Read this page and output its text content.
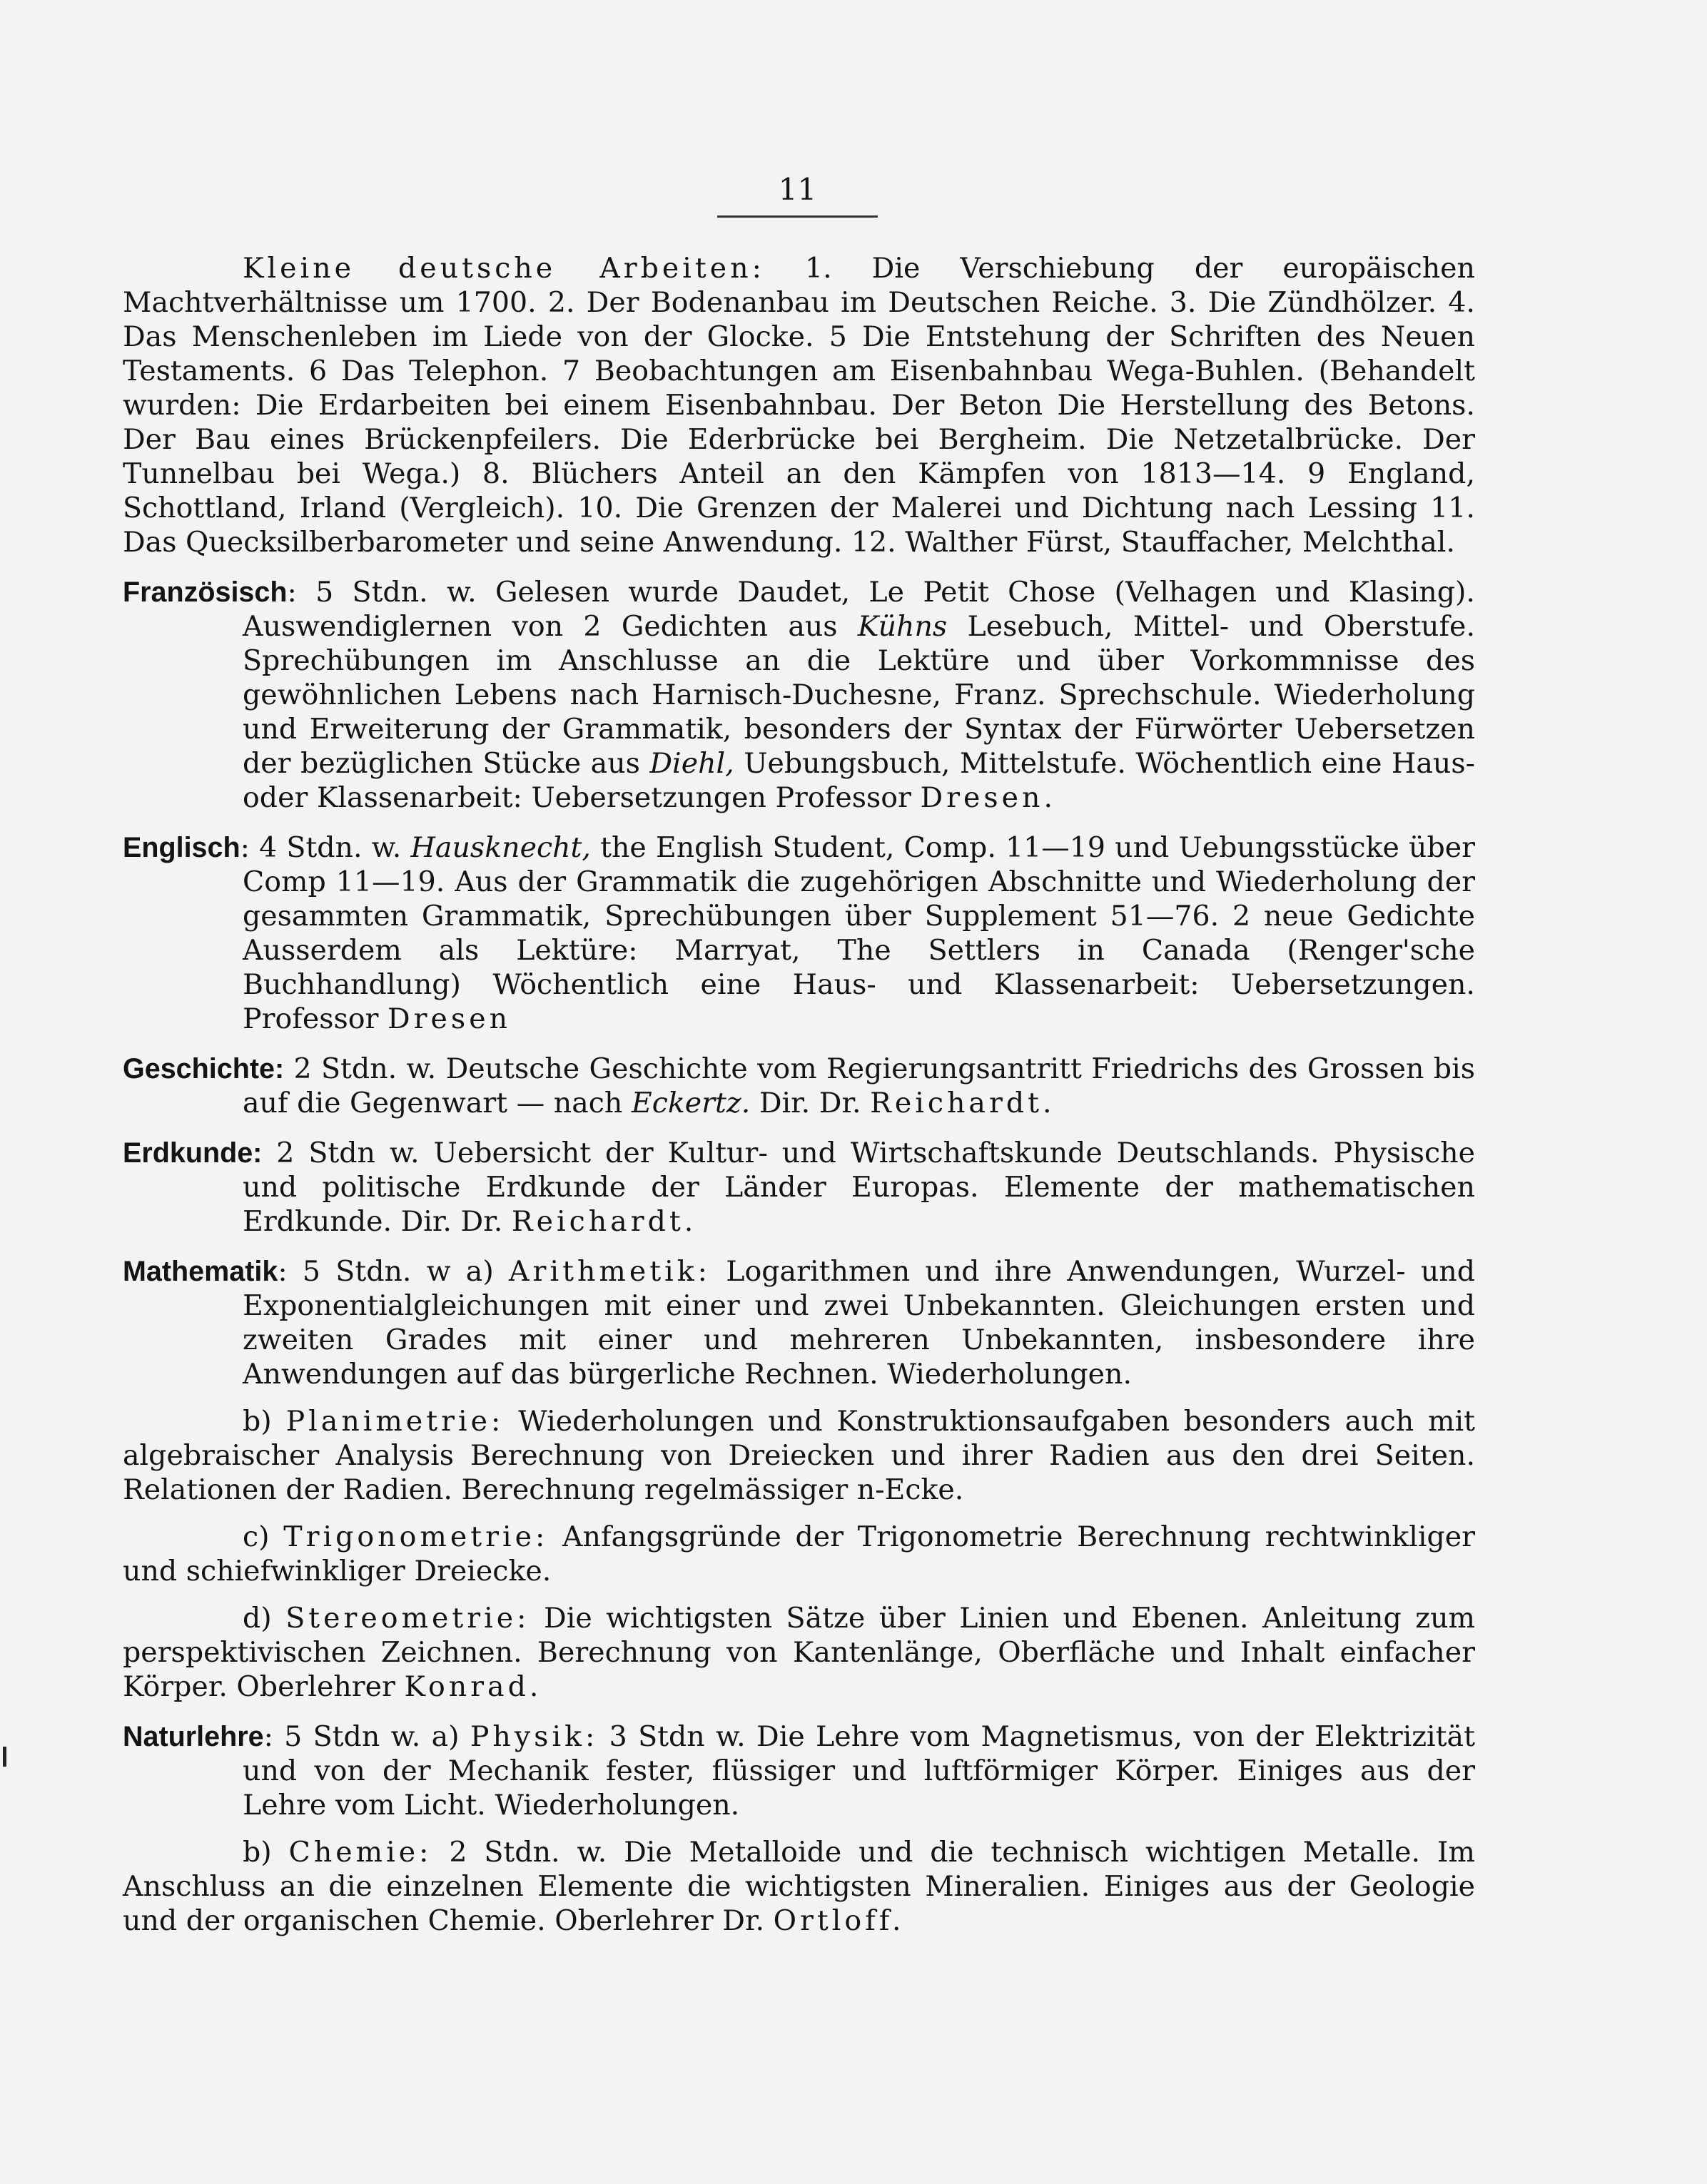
11

Kleine deutsche Arbeiten: 1. Die Verschiebung der europäischen Machtverhältnisse um 1700. 2. Der Bodenanbau im Deutschen Reiche. 3. Die Zündhölzer. 4. Das Menschenleben im Liede von der Glocke. 5 Die Entstehung der Schriften des Neuen Testaments. 6 Das Telephon. 7 Beobachtungen am Eisenbahnbau Wega-Buhlen. (Behandelt wurden: Die Erdarbeiten bei einem Eisenbahnbau. Der Beton Die Herstellung des Betons. Der Bau eines Brückenpfeilers. Die Ederbrücke bei Bergheim. Die Netzetalbrücke. Der Tunnelbau bei Wega.) 8. Blüchers Anteil an den Kämpfen von 1813—14. 9 England, Schottland, Irland (Vergleich). 10. Die Grenzen der Malerei und Dichtung nach Lessing 11. Das Quecksilberbarometer und seine Anwendung. 12. Walther Fürst, Stauffacher, Melchthal.

Französisch: 5 Stdn. w. Gelesen wurde Daudet, Le Petit Chose (Velhagen und Klasing). Auswendiglernen von 2 Gedichten aus Kühns Lesebuch, Mittel- und Oberstufe. Sprechübungen im Anschlusse an die Lektüre und über Vorkommnisse des gewöhnlichen Lebens nach Harnisch-Duchesne, Franz. Sprechschule. Wiederholung und Erweiterung der Grammatik, besonders der Syntax der Fürwörter Uebersetzen der bezüglichen Stücke aus Diehl, Uebungsbuch, Mittelstufe. Wöchentlich eine Haus- oder Klassenarbeit: Uebersetzungen Professor Dresen.

Englisch: 4 Stdn. w. Hausknecht, the English Student, Comp. 11—19 und Uebungsstücke über Comp 11—19. Aus der Grammatik die zugehörigen Abschnitte und Wiederholung der gesammten Grammatik, Sprechübungen über Supplement 51—76. 2 neue Gedichte Ausserdem als Lektüre: Marryat, The Settlers in Canada (Renger'sche Buchhandlung) Wöchentlich eine Haus- und Klassenarbeit: Uebersetzungen. Professor Dresen

Geschichte: 2 Stdn. w. Deutsche Geschichte vom Regierungsantritt Friedrichs des Grossen bis auf die Gegenwart — nach Eckertz. Dir. Dr. Reichardt.

Erdkunde: 2 Stdn w. Uebersicht der Kultur- und Wirtschaftskunde Deutschlands. Physische und politische Erdkunde der Länder Europas. Elemente der mathematischen Erdkunde. Dir. Dr. Reichardt.

Mathematik: 5 Stdn. w a) Arithmetik: Logarithmen und ihre Anwendungen, Wurzel- und Exponentialgleichungen mit einer und zwei Unbekannten. Gleichungen ersten und zweiten Grades mit einer und mehreren Unbekannten, insbesondere ihre Anwendungen auf das bürgerliche Rechnen. Wiederholungen.

b) Planimetrie: Wiederholungen und Konstruktionsaufgaben besonders auch mit algebraischer Analysis Berechnung von Dreiecken und ihrer Radien aus den drei Seiten. Relationen der Radien. Berechnung regelmässiger n-Ecke.

c) Trigonometrie: Anfangsgründe der Trigonometrie Berechnung rechtwinkliger und schiefwinkliger Dreiecke.

d) Stereometrie: Die wichtigsten Sätze über Linien und Ebenen. Anleitung zum perspektivischen Zeichnen. Berechnung von Kantenlänge, Oberfläche und Inhalt einfacher Körper. Oberlehrer Konrad.

Naturlehre: 5 Stdn w. a) Physik: 3 Stdn w. Die Lehre vom Magnetismus, von der Elektrizität und von der Mechanik fester, flüssiger und luftförmiger Körper. Einiges aus der Lehre vom Licht. Wiederholungen.

b) Chemie: 2 Stdn. w. Die Metalloide und die technisch wichtigen Metalle. Im Anschluss an die einzelnen Elemente die wichtigsten Mineralien. Einiges aus der Geologie und der organischen Chemie. Oberlehrer Dr. Ortloff.
